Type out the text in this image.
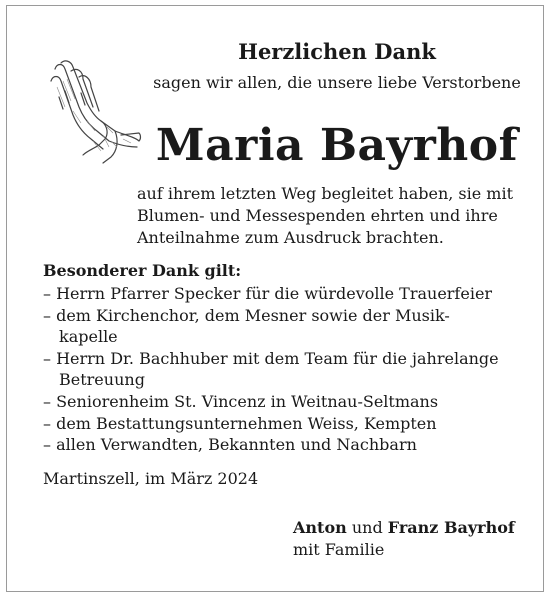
Herzlichen Dank
sagen wir allen, die unsere liebe Verstorbene
Maria Bayrhof
auf ihrem letzten Weg begleitet haben, sie mit
Blumen- und Messespenden ehrten und ihre
Anteilnahme zum Ausdruck brachten.
Besonderer Dank gilt:
– Herrn Pfarrer Specker für die würdevolle Trauerfeier
– dem Kirchenchor, dem Mesner sowie der Musik-
kapelle
– Herrn Dr. Bachhuber mit dem Team für die jahrelange
Betreuung
– Seniorenheim St. Vincenz in Weitnau-Seltmans
– dem Bestattungsunternehmen Weiss, Kempten
– allen Verwandten, Bekannten und Nachbarn
Martinszell, im März 2024
Anton und Franz Bayrhof
mit Familie
